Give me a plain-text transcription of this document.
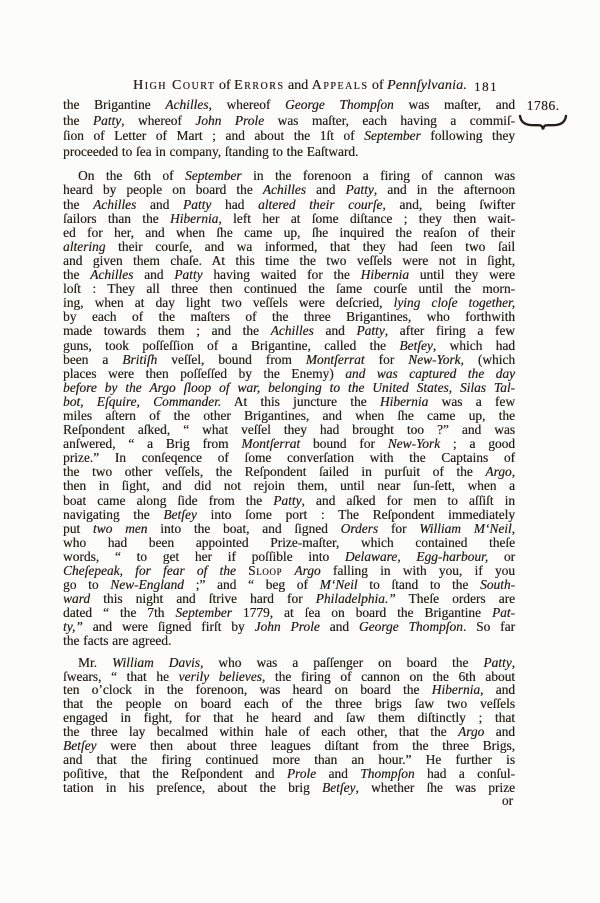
High Court of Errors and Appeals of Pennſylvania. 181
1786.
the Brigantine Achilles, whereof George Thompſon was maſter, and
the Patty, whereof John Prole was maſter, each having a commiſ-
ſion of Letter of Mart ; and about the 1ſt of September following they
proceeded to ſea in company, ſtanding to the Eaſtward.
On the 6th of September in the forenoon a firing of cannon was
heard by people on board the Achilles and Patty, and in the afternoon
the Achilles and Patty had altered their courſe, and, being ſwifter
ſailors than the Hibernia, left her at ſome diſtance ; they then wait-
ed for her, and when ſhe came up, ſhe inquired the reaſon of their
altering their courſe, and wa informed, that they had ſeen two ſail
and given them chaſe. At this time the two veſſels were not in ſight,
the Achilles and Patty having waited for the Hibernia until they were
loſt : They all three then continued the ſame courſe until the morn-
ing, when at day light two veſſels were deſcried, lying cloſe together,
by each of the maſters of the three Brigantines, who forthwith
made towards them ; and the Achilles and Patty, after firing a few
guns, took poſſeſſion of a Brigantine, called the Betſey, which had
been a Britiſh veſſel, bound from Montſerrat for New-York, (which
places were then poſſeſſed by the Enemy) and was captured the day
before by the Argo ſloop of war, belonging to the United States, Silas Tal-
bot, Eſquire, Commander. At this juncture the Hibernia was a few
miles aſtern of the other Brigantines, and when ſhe came up, the
Reſpondent aſked, “ what veſſel they had brought too ?” and was
anſwered, “ a Brig from Montſerrat bound for New-York ; a good
prize.” In conſeqence of ſome converſation with the Captains of
the two other veſſels, the Reſpondent ſailed in purſuit of the Argo,
then in ſight, and did not rejoin them, until near ſun-ſett, when a
boat came along ſide from the Patty, and aſked for men to aſſiſt in
navigating the Betſey into ſome port : The Reſpondent immediately
put two men into the boat, and ſigned Orders for William M‘Neil,
who had been appointed Prize-maſter, which contained theſe
words, “ to get her if poſſible into Delaware, Egg-harbour, or
Cheſepeak, for fear of the Sloop Argo falling in with you, if you
go to New-England ;” and “ beg of M‘Neil to ſtand to the South-
ward this night and ſtrive hard for Philadelphia.” Theſe orders are
dated “ the 7th September 1779, at ſea on board the Brigantine Pat-
ty,” and were ſigned firſt by John Prole and George Thompſon. So far
the facts are agreed.
Mr. William Davis, who was a paſſenger on board the Patty,
ſwears, “ that he verily believes, the firing of cannon on the 6th about
ten o’clock in the forenoon, was heard on board the Hibernia, and
that the people on board each of the three brigs ſaw two veſſels
engaged in fight, for that he heard and ſaw them diſtinctly ; that
the three lay becalmed within hale of each other, that the Argo and
Betſey were then about three leagues diſtant from the three Brigs,
and that the firing continued more than an hour.” He further is
poſitive, that the Reſpondent and Prole and Thompſon had a conſul-
tation in his preſence, about the brig Betſey, whether ſhe was prize
or
